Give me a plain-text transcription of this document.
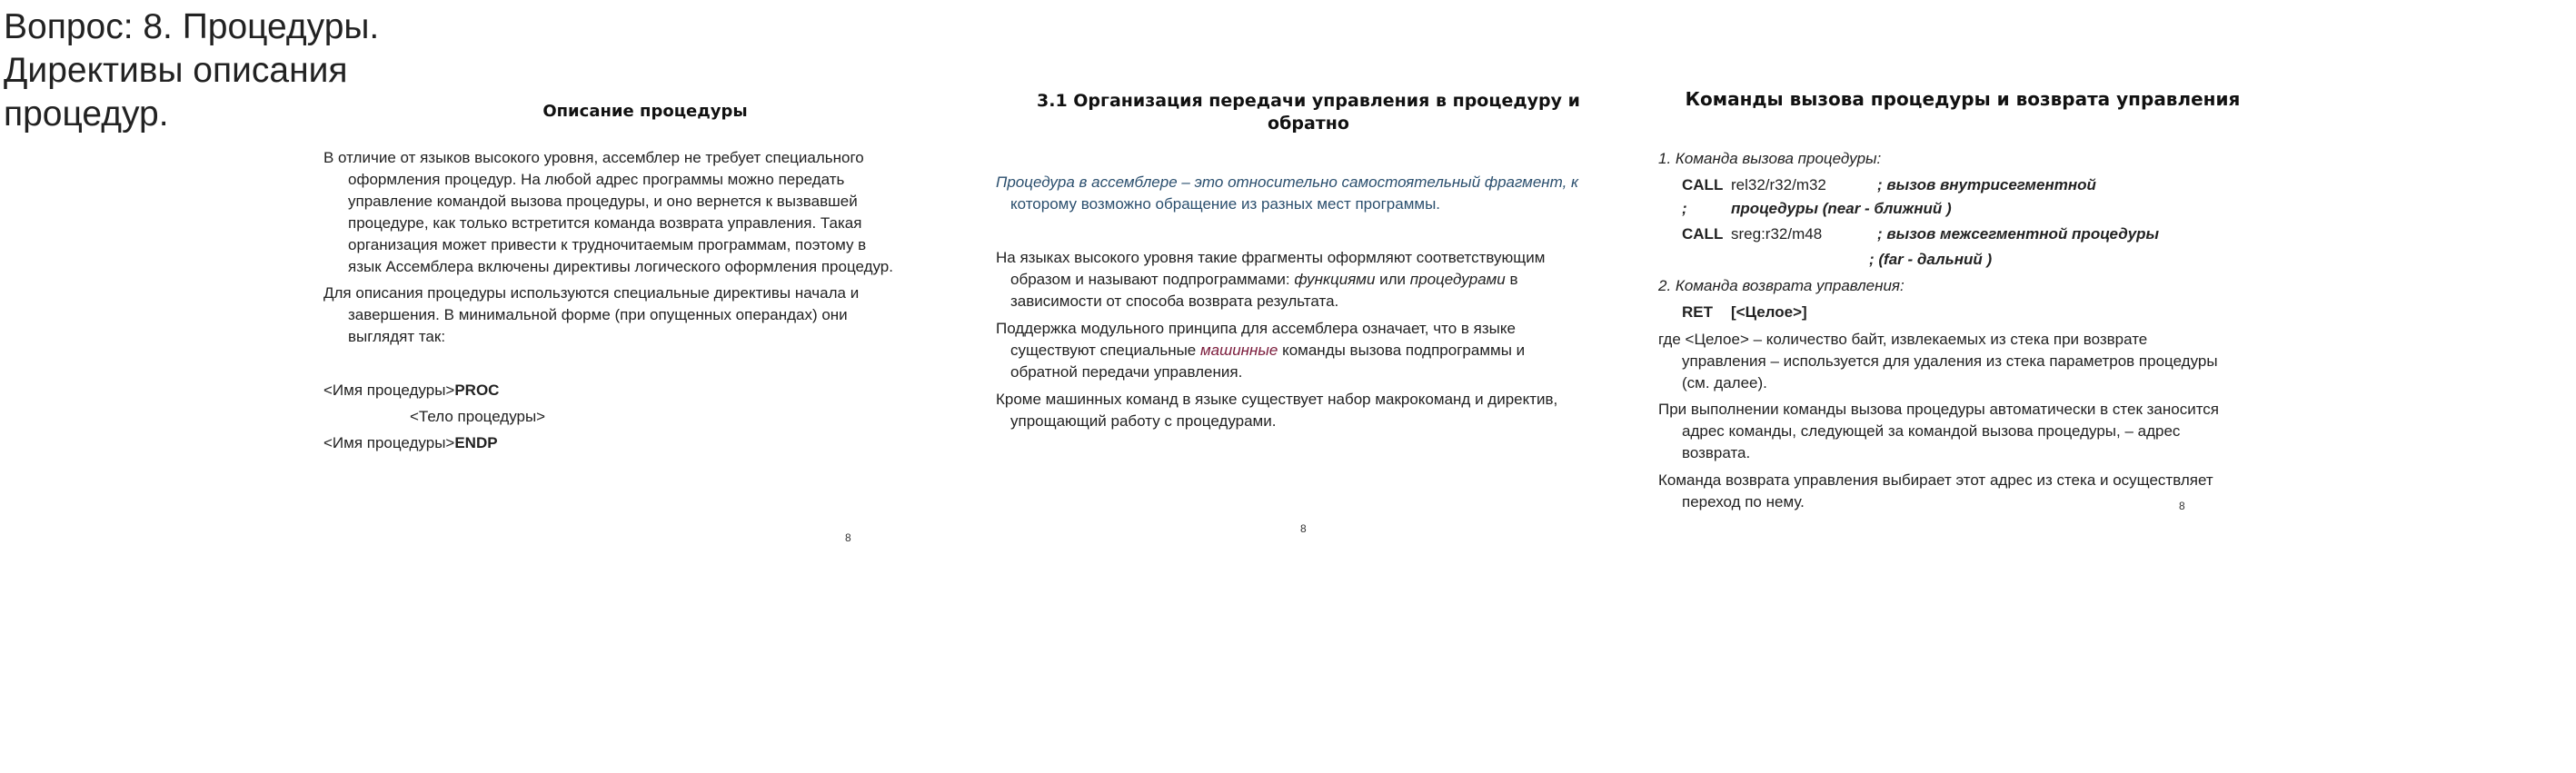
Вопрос: 8. Процедуры.
Директивы описания
процедур.	Описание процедуры
В отличие от языков высокого уровня, ассемблер не требует специального
оформления процедур. На любой адрес программы можно передать
управление командой вызова процедуры, и оно вернется к вызвавшей
процедуре, как только встретится команда возврата управления. Такая
организация может привести к трудночитаемым программам, поэтому в
язык Ассемблера включены директивы логического оформления процедур.
Для описания процедуры используются специальные директивы начала и
завершения. В минимальной форме (при опущенных операндах) они
выглядят так:
<Имя процедуры>PROC
<Тело процедуры>
<Имя процедуры>ENDP
8
3.1 Организация передачи управления в процедуру и
обратно
Процедура в ассемблере – это относительно самостоятельный фрагмент, к
которому возможно обращение из разных мест программы.
На языках высокого уровня такие фрагменты оформляют соответствующим
образом и называют подпрограммами: функциями или процедурами в
зависимости от способа возврата результата.
Поддержка модульного принципа для ассемблера означает, что в языке
существуют специальные машинные команды вызова подпрограммы и
обратной передачи управления.
Кроме машинных команд в языке существует набор макрокоманд и директив,
упрощающий работу с процедурами.
8
Команды вызова процедуры и возврата управления
1. Команда вызова процедуры:
CALL rel32/r32/m32	; вызов внутрисегментной
;	процедуры (near - ближний )
CALL sreg:r32/m48	; вызов межсегментной процедуры
; (far - дальний )
2. Команда возврата управления:
RET [<Целое>]
где <Целое> – количество байт, извлекаемых из стека при возврате
управления – используется для удаления из стека параметров процедуры
(см. далее).
При выполнении команды вызова процедуры автоматически в стек заносится
адрес команды, следующей за командой вызова процедуры, – адрес
возврата.
Команда возврата управления выбирает этот адрес из стека и осуществляет
переход по нему.	8
